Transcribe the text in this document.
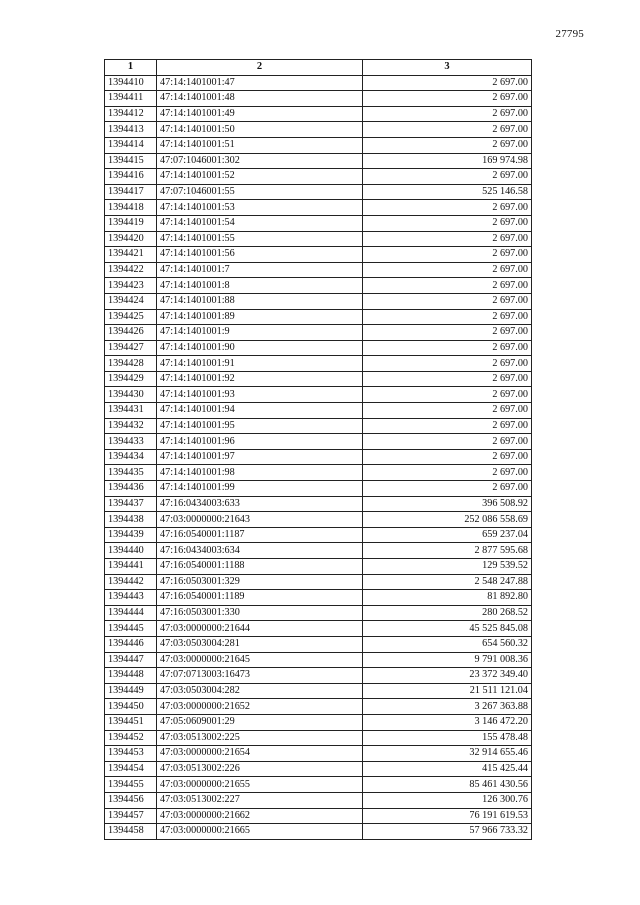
27795
1	2	3
1394410	47:14:1401001:47	2 697.00
1394411	47:14:1401001:48	2 697.00
1394412	47:14:1401001:49	2 697.00
1394413	47:14:1401001:50	2 697.00
1394414	47:14:1401001:51	2 697.00
1394415	47:07:1046001:302	169 974.98
1394416	47:14:1401001:52	2 697.00
1394417	47:07:1046001:55	525 146.58
1394418	47:14:1401001:53	2 697.00
1394419	47:14:1401001:54	2 697.00
1394420	47:14:1401001:55	2 697.00
1394421	47:14:1401001:56	2 697.00
1394422	47:14:1401001:7	2 697.00
1394423	47:14:1401001:8	2 697.00
1394424	47:14:1401001:88	2 697.00
1394425	47:14:1401001:89	2 697.00
1394426	47:14:1401001:9	2 697.00
1394427	47:14:1401001:90	2 697.00
1394428	47:14:1401001:91	2 697.00
1394429	47:14:1401001:92	2 697.00
1394430	47:14:1401001:93	2 697.00
1394431	47:14:1401001:94	2 697.00
1394432	47:14:1401001:95	2 697.00
1394433	47:14:1401001:96	2 697.00
1394434	47:14:1401001:97	2 697.00
1394435	47:14:1401001:98	2 697.00
1394436	47:14:1401001:99	2 697.00
1394437	47:16:0434003:633	396 508.92
1394438	47:03:0000000:21643	252 086 558.69
1394439	47:16:0540001:1187	659 237.04
1394440	47:16:0434003:634	2 877 595.68
1394441	47:16:0540001:1188	129 539.52
1394442	47:16:0503001:329	2 548 247.88
1394443	47:16:0540001:1189	81 892.80
1394444	47:16:0503001:330	280 268.52
1394445	47:03:0000000:21644	45 525 845.08
1394446	47:03:0503004:281	654 560.32
1394447	47:03:0000000:21645	9 791 008.36
1394448	47:07:0713003:16473	23 372 349.40
1394449	47:03:0503004:282	21 511 121.04
1394450	47:03:0000000:21652	3 267 363.88
1394451	47:05:0609001:29	3 146 472.20
1394452	47:03:0513002:225	155 478.48
1394453	47:03:0000000:21654	32 914 655.46
1394454	47:03:0513002:226	415 425.44
1394455	47:03:0000000:21655	85 461 430.56
1394456	47:03:0513002:227	126 300.76
1394457	47:03:0000000:21662	76 191 619.53
1394458	47:03:0000000:21665	57 966 733.32
